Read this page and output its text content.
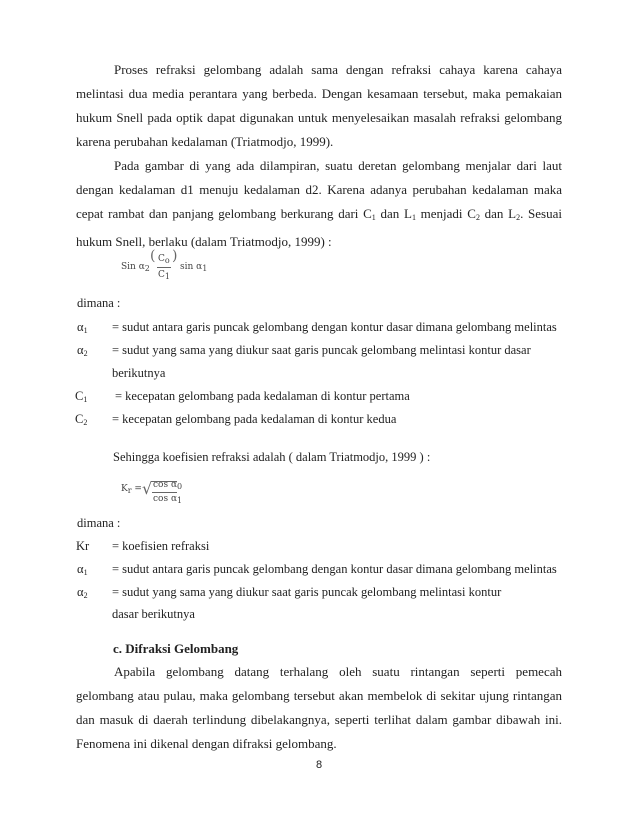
Proses refraksi gelombang adalah sama dengan refraksi cahaya karena cahaya melintasi dua media perantara yang berbeda. Dengan kesamaan tersebut, maka pemakaian hukum Snell pada optik dapat digunakan untuk menyelesaikan masalah refraksi gelombang karena perubahan kedalaman (Triatmodjo, 1999).

Pada gambar di yang ada dilampiran, suatu deretan gelombang menjalar dari laut dengan kedalaman d1 menuju kedalaman d2. Karena adanya perubahan kedalaman maka cepat rambat dan panjang gelombang berkurang dari $C_1$ dan $L_1$ menjadi $C_2$ dan $L_2$. Sesuai hukum Snell, berlaku (dalam Triatmodjo, 1999) :

Sin $\alpha_2$
( $C_o$
$C_1$
)
$\sin \alpha_1$
dimana :
$\alpha_1$ = sudut antara garis puncak gelombang dengan kontur dasar dimana gelombang melintas
$\alpha_2$ = sudut yang sama yang diukur saat garis puncak gelombang melintasi kontur dasar
berikutnya
$C_1$ = kecepatan gelombang pada kedalaman di kontur pertama
$C_2$ = kecepatan gelombang pada kedalaman di kontur kedua
Sehingga koefisien refraksi adalah ( dalam Triatmodjo, 1999 ) :
$K_r$ = √ $\cos \alpha_0$
$\cos \alpha_1$
dimana :
Kr = koefisien refraksi
$\alpha_1$ = sudut antara garis puncak gelombang dengan kontur dasar dimana gelombang melintas
$\alpha_2$ = sudut yang sama yang diukur saat garis puncak gelombang melintasi kontur
dasar berikutnya
c. Difraksi Gelombang

Apabila gelombang datang terhalang oleh suatu rintangan seperti pemecah gelombang atau pulau, maka gelombang tersebut akan membelok di sekitar ujung rintangan dan masuk di daerah terlindung dibelakangnya, seperti terlihat dalam gambar dibawah ini. Fenomena ini dikenal dengan difraksi gelombang.

8
